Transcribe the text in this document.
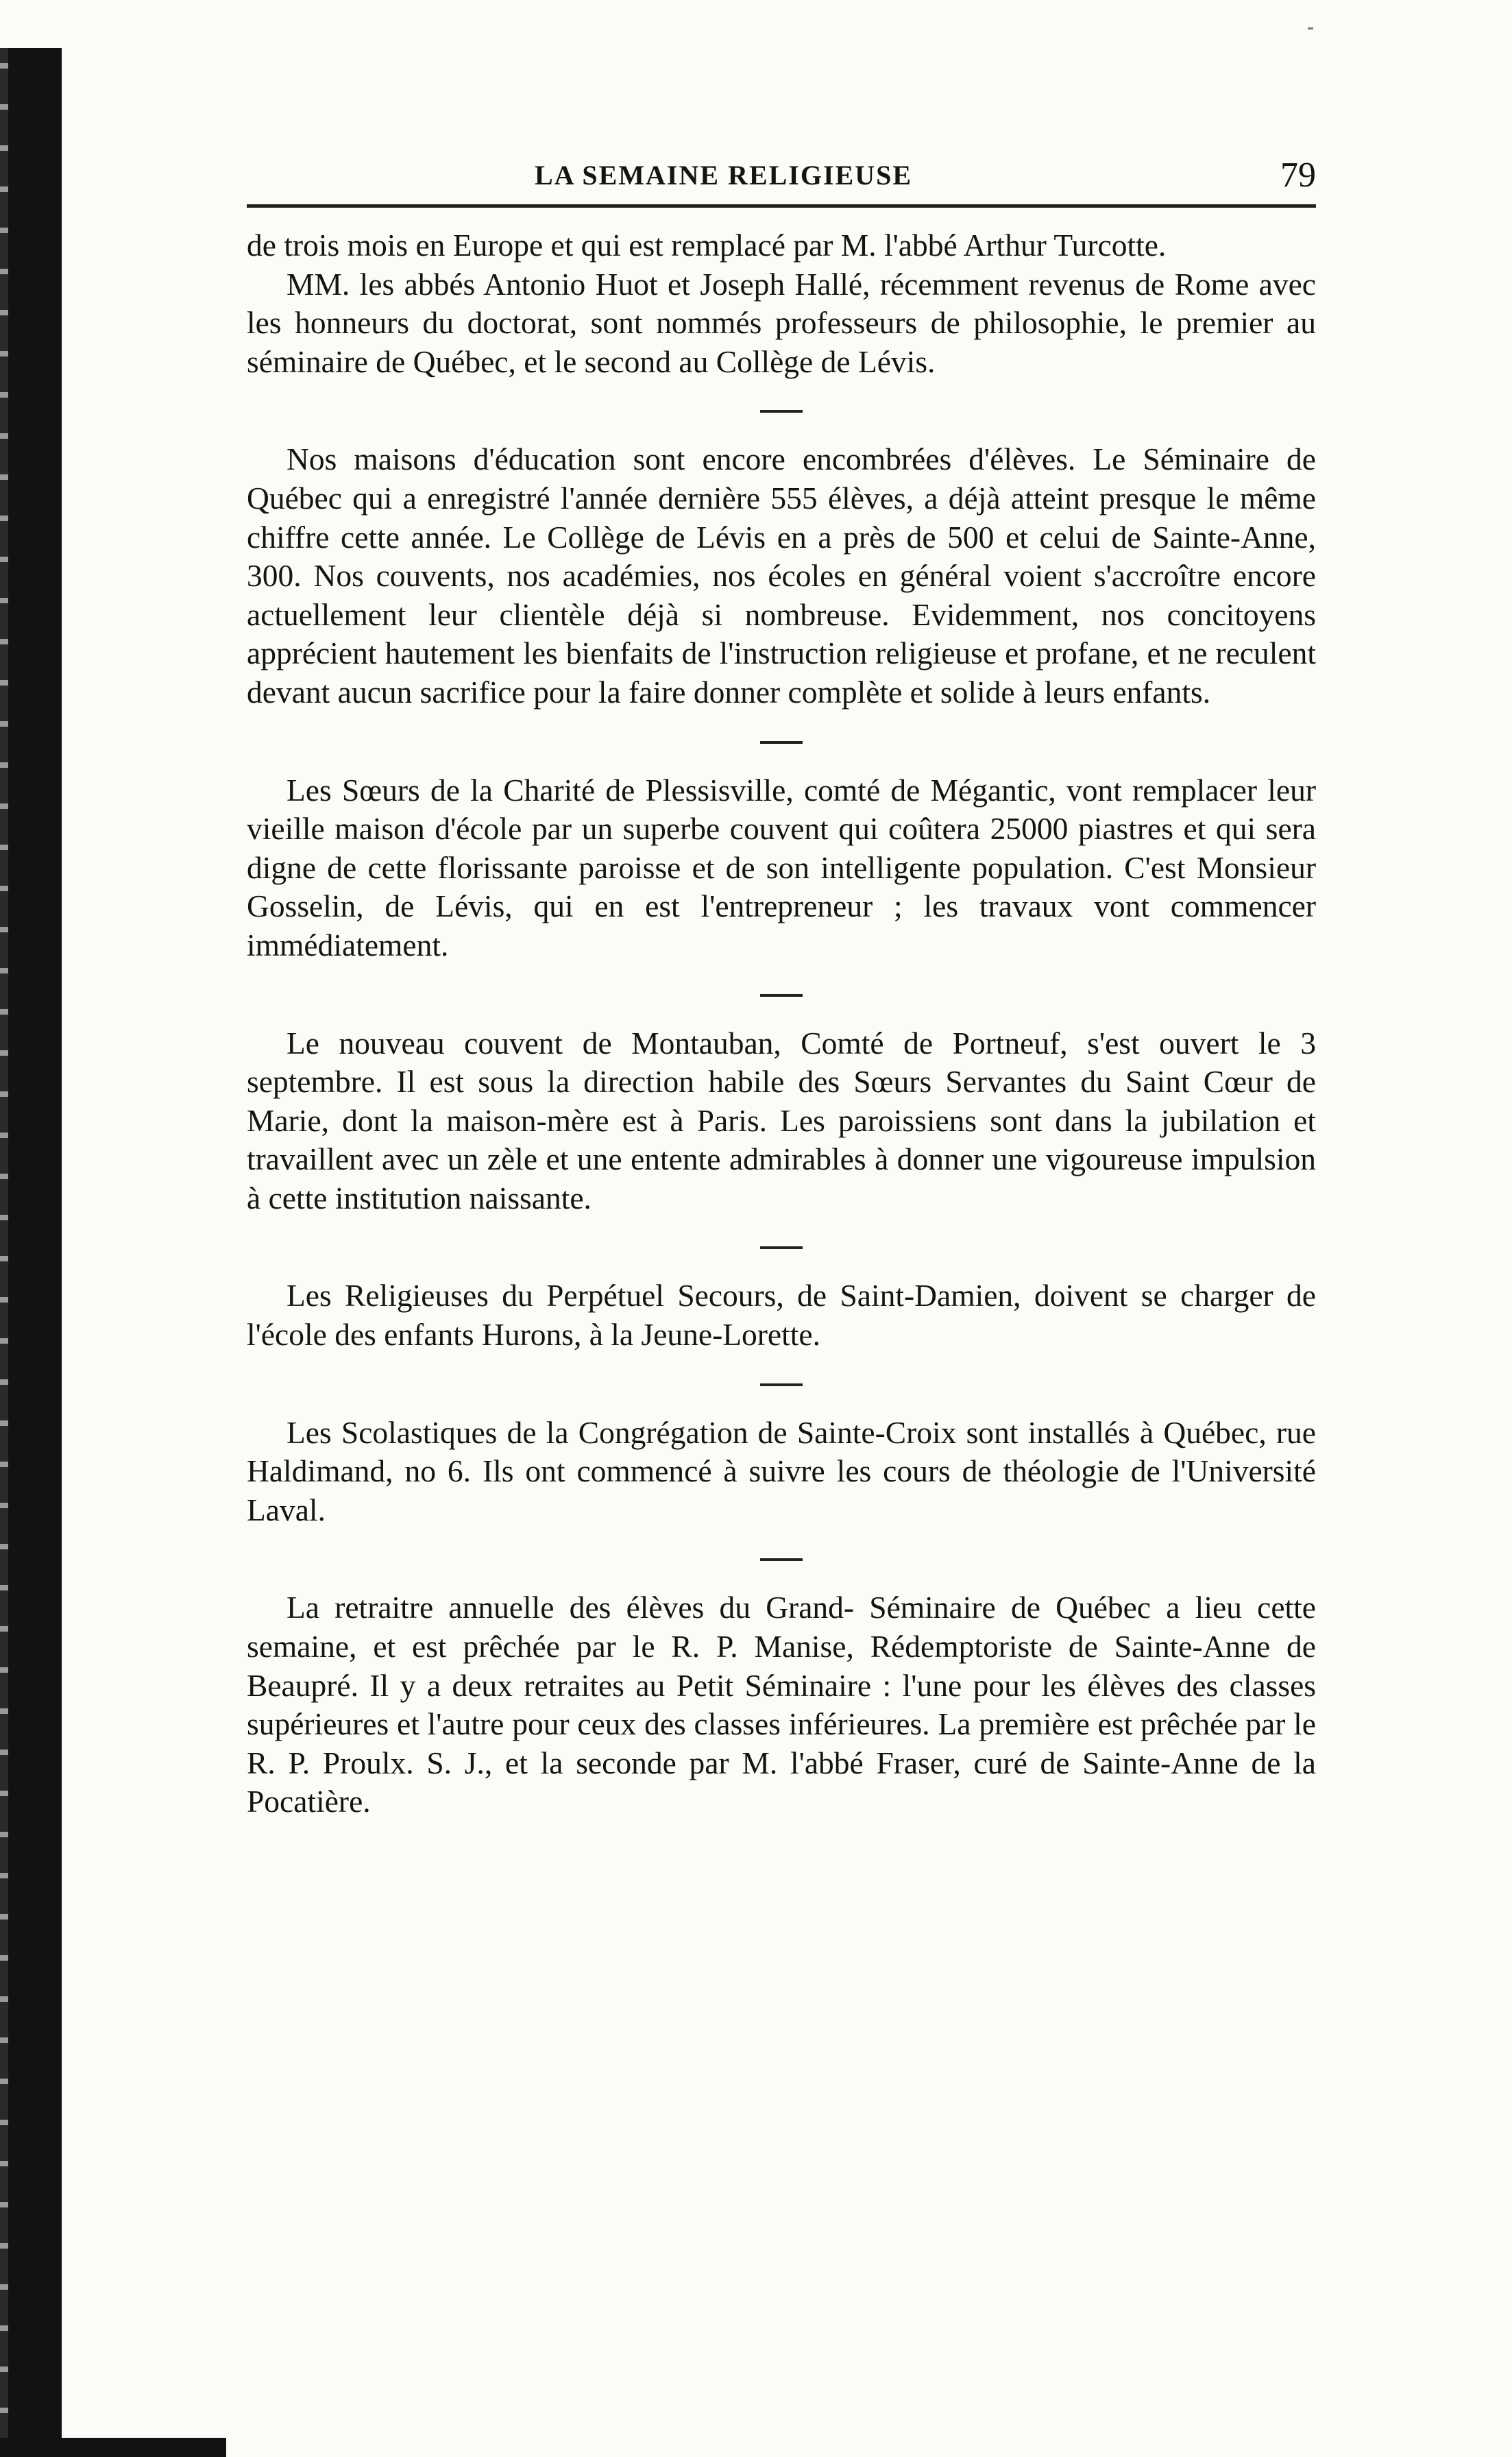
LA SEMAINE RELIGIEUSE	79

de trois mois en Europe et qui est remplacé par M. l'abbé Arthur Turcotte.

MM. les abbés Antonio Huot et Joseph Hallé, récemment revenus de Rome avec les honneurs du doctorat, sont nommés professeurs de philosophie, le premier au séminaire de Québec, et le second au Collège de Lévis.

Nos maisons d'éducation sont encore encombrées d'élèves. Le Séminaire de Québec qui a enregistré l'année dernière 555 élèves, a déjà atteint presque le même chiffre cette année. Le Collège de Lévis en a près de 500 et celui de Sainte-Anne, 300. Nos couvents, nos académies, nos écoles en général voient s'accroître encore actuellement leur clientèle déjà si nombreuse. Evidemment, nos concitoyens apprécient hautement les bienfaits de l'instruction religieuse et profane, et ne reculent devant aucun sacrifice pour la faire donner complète et solide à leurs enfants.

Les Sœurs de la Charité de Plessisville, comté de Mégantic, vont remplacer leur vieille maison d'école par un superbe couvent qui coûtera 25000 piastres et qui sera digne de cette florissante paroisse et de son intelligente population. C'est Monsieur Gosselin, de Lévis, qui en est l'entrepreneur ; les travaux vont commencer immédiatement.

Le nouveau couvent de Montauban, Comté de Portneuf, s'est ouvert le 3 septembre. Il est sous la direction habile des Sœurs Servantes du Saint Cœur de Marie, dont la maison-mère est à Paris. Les paroissiens sont dans la jubilation et travaillent avec un zèle et une entente admirables à donner une vigoureuse impulsion à cette institution naissante.

Les Religieuses du Perpétuel Secours, de Saint-Damien, doivent se charger de l'école des enfants Hurons, à la Jeune-Lorette.

Les Scolastiques de la Congrégation de Sainte-Croix sont installés à Québec, rue Haldimand, no 6. Ils ont commencé à suivre les cours de théologie de l'Université Laval.

La retraitre annuelle des élèves du Grand- Séminaire de Québec a lieu cette semaine, et est prêchée par le R. P. Manise, Rédemptoriste de Sainte-Anne de Beaupré. Il y a deux retraites au Petit Séminaire : l'une pour les élèves des classes supérieures et l'autre pour ceux des classes inférieures. La première est prêchée par le R. P. Proulx. S. J., et la seconde par M. l'abbé Fraser, curé de Sainte-Anne de la Pocatière.
